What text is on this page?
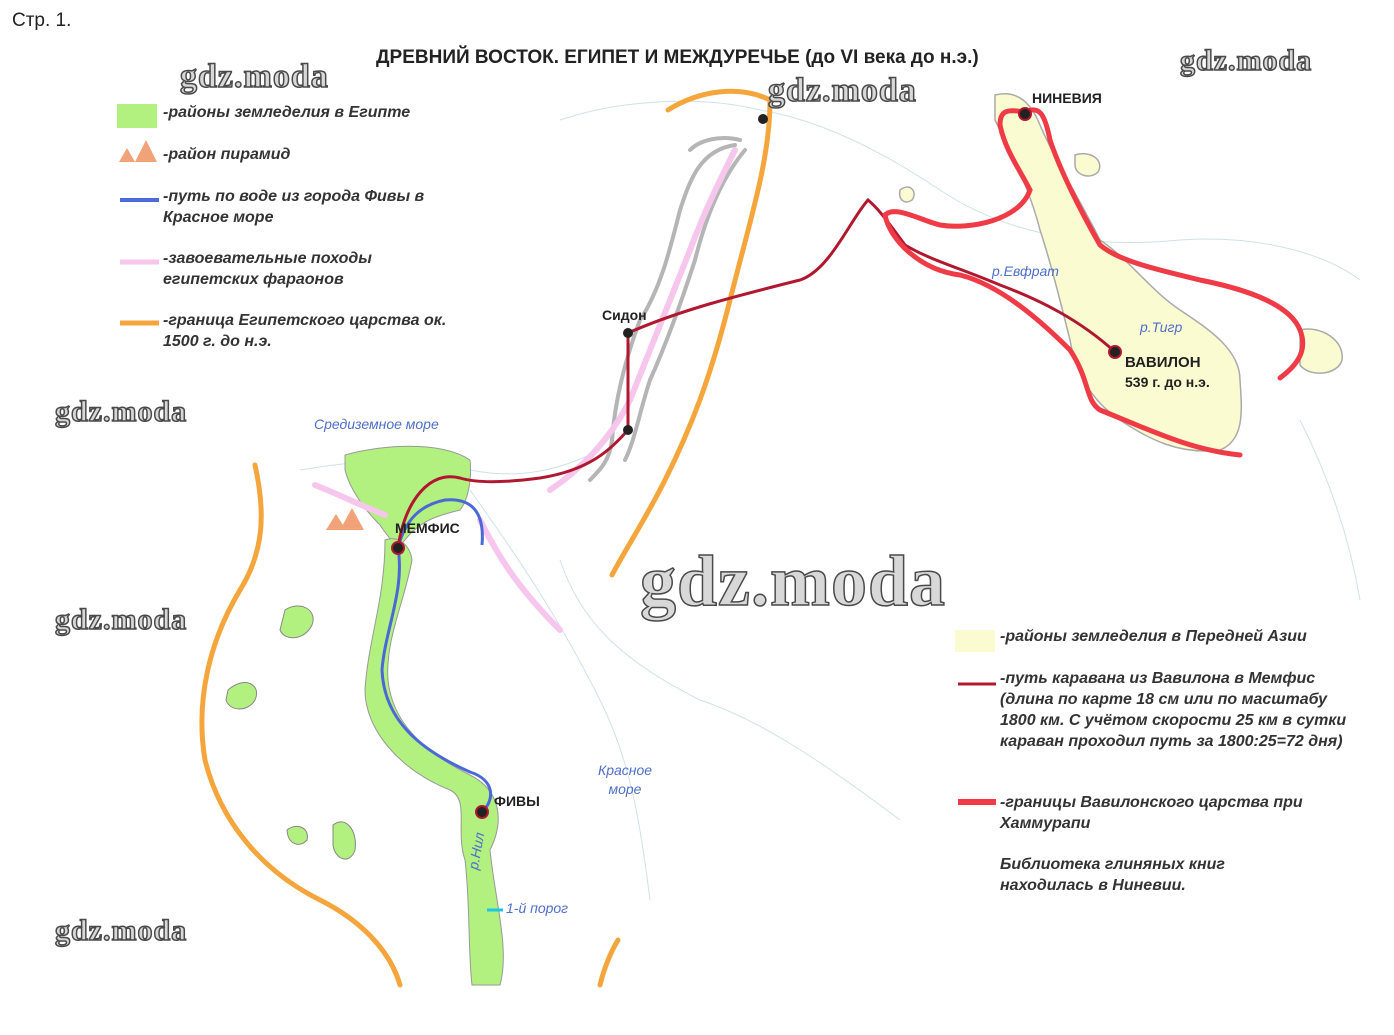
Стр. 1.
ДРЕВНИЙ ВОСТОК. ЕГИПЕТ И МЕЖДУРЕЧЬЕ (до VI века до н.э.)
gdz.moda	gdz.moda
gdz.moda
gdz.moda
gdz.moda
gdz.moda
gdz.moda
-районы земледелия в Египте
-район пирамид
-путь по воде из города Фивы в Красное море
-завоевательные походы египетских фараонов
-граница Египетского царства ок. 1500 г. до н.э.
-районы земледелия в Передней Азии
-путь каравана из Вавилона в Мемфис (длина по карте 18 см или по масштабу 1800 км. С учётом скорости 25 км в сутки караван проходил путь за 1800:25=72 дня)
-границы Вавилонского царства при Хаммурапи
Библиотека глиняных книг находилась в Ниневии.
НИНЕВИЯ
Сидон
МЕМФИС
ФИВЫ
ВАВИЛОН
539 г. до н.э.
р.Евфрат
р.Тигр
р.Нил
1-й порог
Средиземное море
Красное море
